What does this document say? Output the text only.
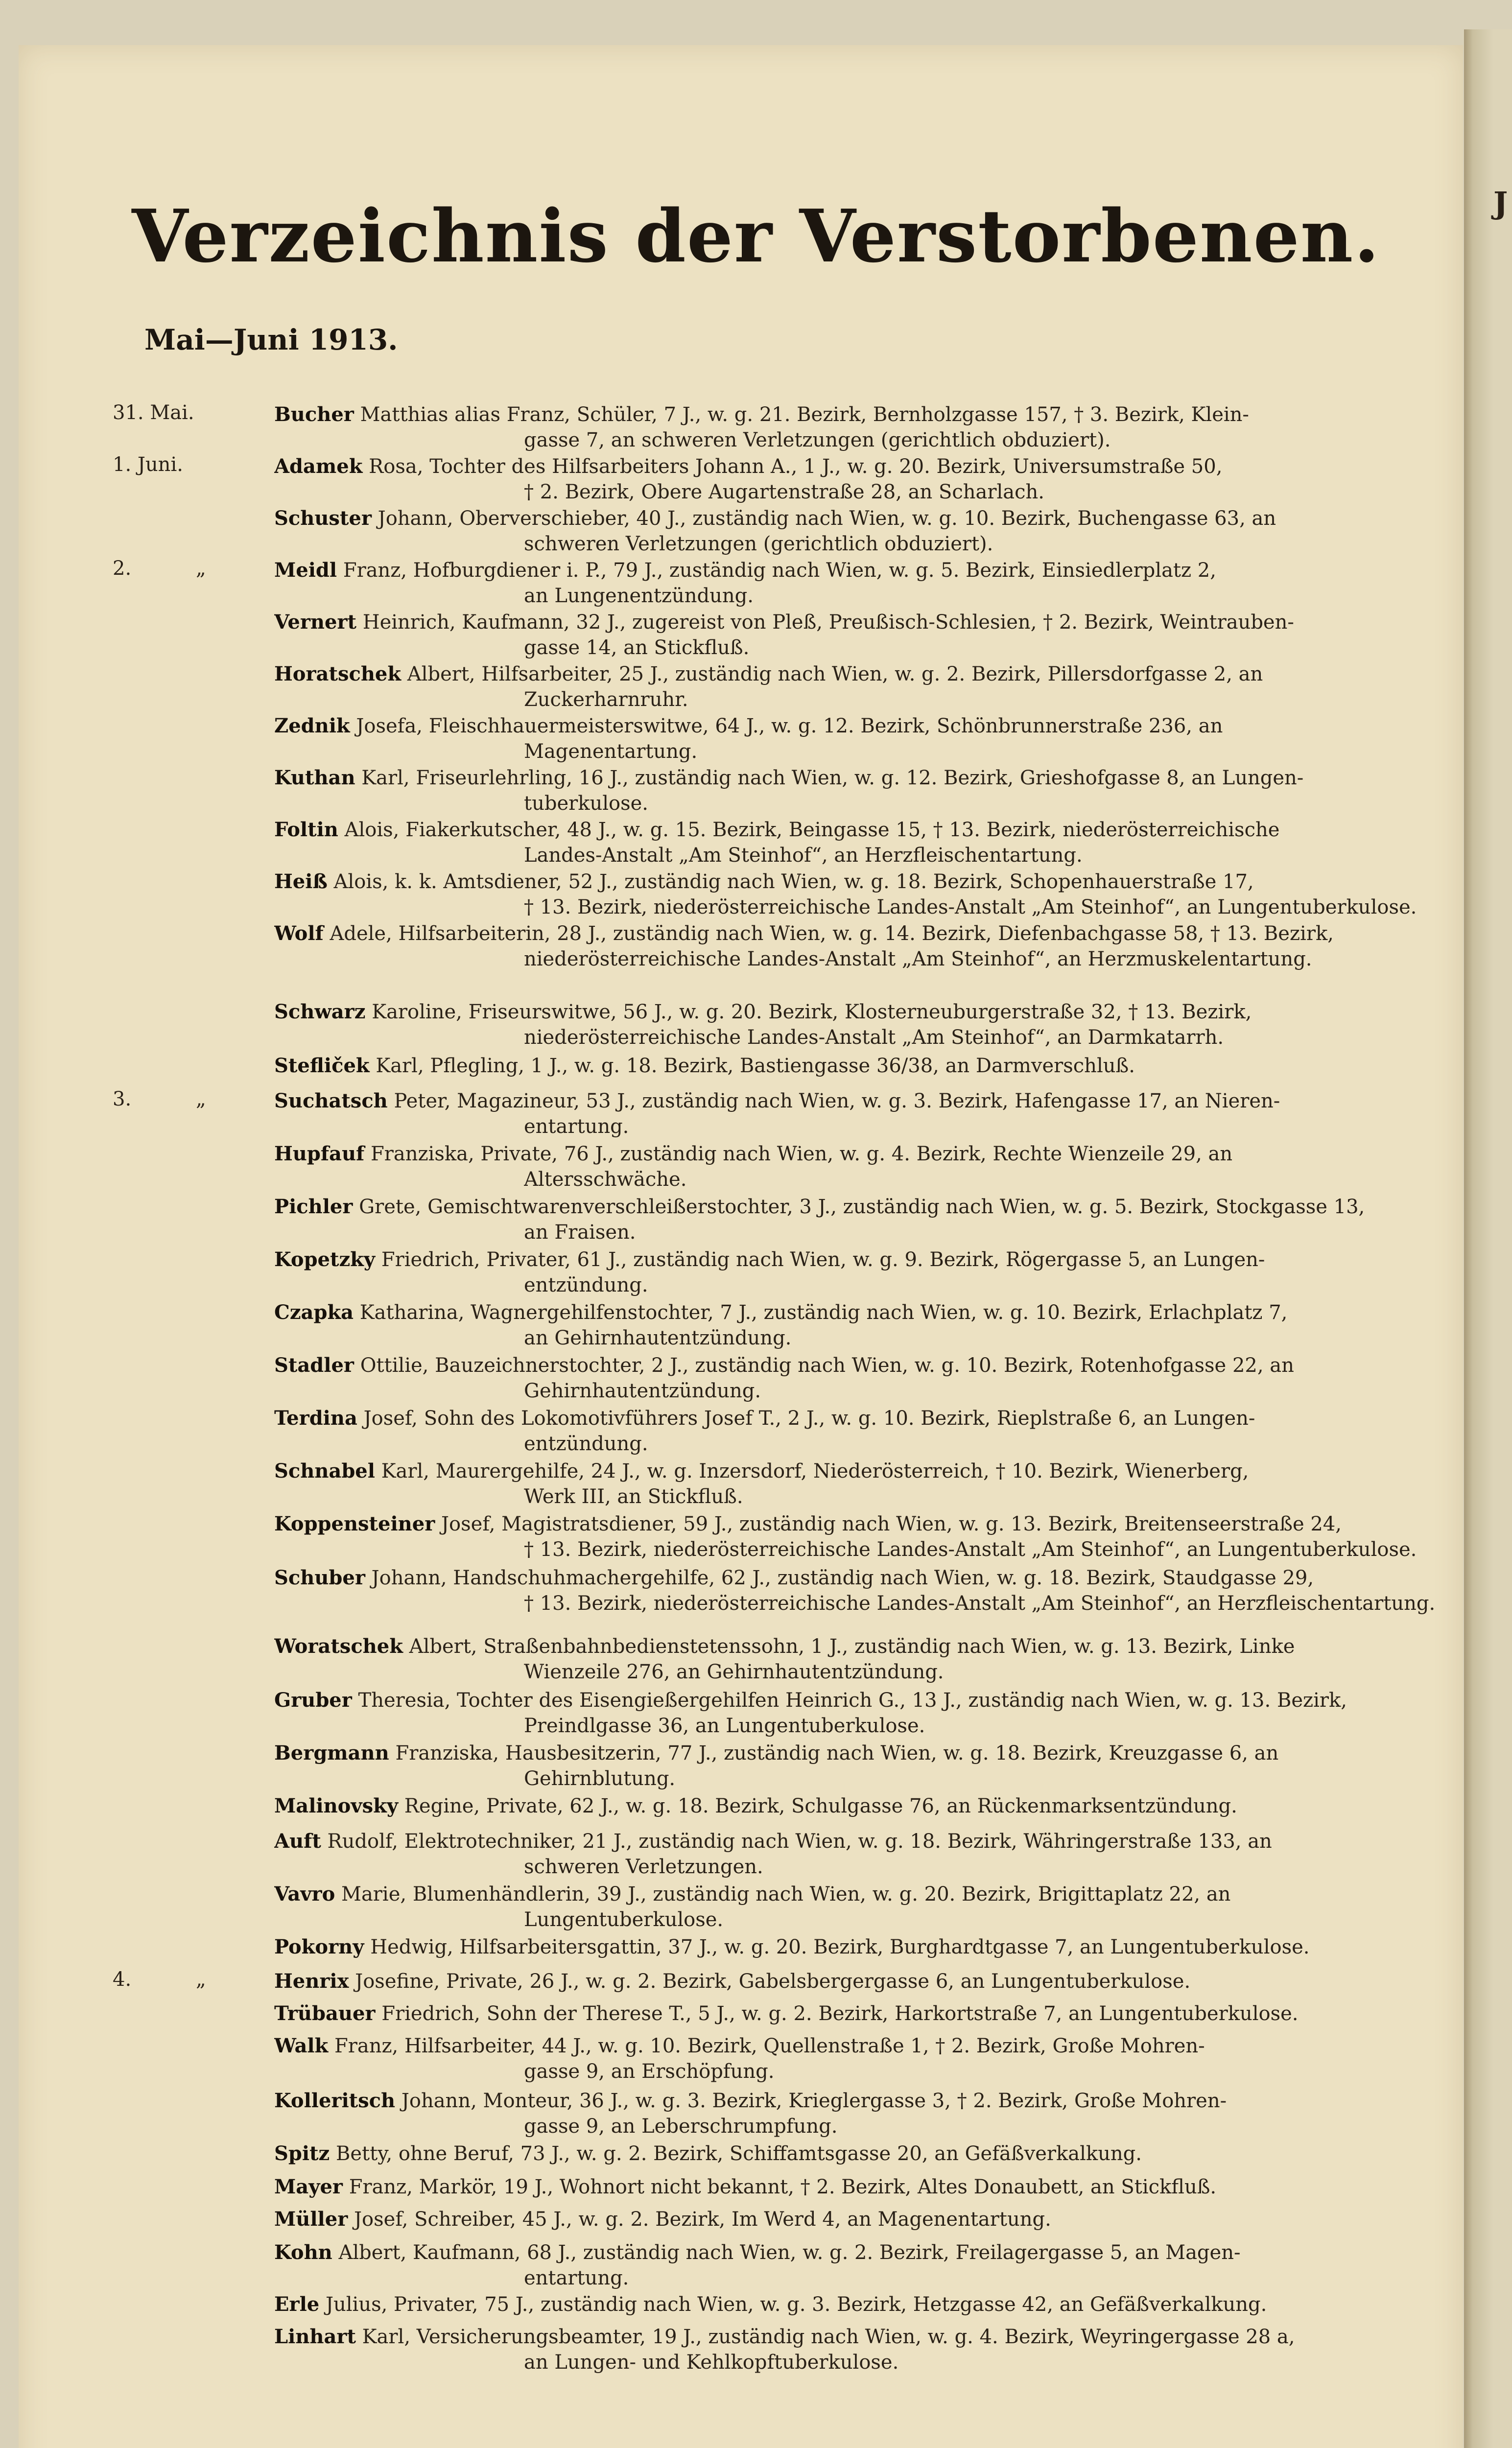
J
Verzeichnis der Verstorbenen.
Mai—Juni 1913.
31. Mai.	Bucher Matthias alias Franz, Schüler, 7 J., w. g. 21. Bezirk, Bernholzgasse 157, † 3. Bezirk, Klein-
gasse 7, an schweren Verletzungen (gerichtlich obduziert).
1. Juni.	Adamek Rosa, Tochter des Hilfsarbeiters Johann A., 1 J., w. g. 20. Bezirk, Universumstraße 50,
† 2. Bezirk, Obere Augartenstraße 28, an Scharlach.
Schuster Johann, Oberverschieber, 40 J., zuständig nach Wien, w. g. 10. Bezirk, Buchengasse 63, an
schweren Verletzungen (gerichtlich obduziert).
2.	„	Meidl Franz, Hofburgdiener i. P., 79 J., zuständig nach Wien, w. g. 5. Bezirk, Einsiedlerplatz 2,
an Lungenentzündung.
Vernert Heinrich, Kaufmann, 32 J., zugereist von Pleß, Preußisch-Schlesien, † 2. Bezirk, Weintrauben-
gasse 14, an Stickfluß.
Horatschek Albert, Hilfsarbeiter, 25 J., zuständig nach Wien, w. g. 2. Bezirk, Pillersdorfgasse 2, an
Zuckerharnruhr.
Zednik Josefa, Fleischhauermeisterswitwe, 64 J., w. g. 12. Bezirk, Schönbrunnerstraße 236, an
Magenentartung.
Kuthan Karl, Friseurlehrling, 16 J., zuständig nach Wien, w. g. 12. Bezirk, Grieshofgasse 8, an Lungen-
tuberkulose.
Foltin Alois, Fiakerkutscher, 48 J., w. g. 15. Bezirk, Beingasse 15, † 13. Bezirk, niederösterreichische
Landes-Anstalt „Am Steinhof“, an Herzfleischentartung.
Heiß Alois, k. k. Amtsdiener, 52 J., zuständig nach Wien, w. g. 18. Bezirk, Schopenhauerstraße 17,
† 13. Bezirk, niederösterreichische Landes-Anstalt „Am Steinhof“, an Lungentuberkulose.
Wolf Adele, Hilfsarbeiterin, 28 J., zuständig nach Wien, w. g. 14. Bezirk, Diefenbachgasse 58, † 13. Bezirk,
niederösterreichische Landes-Anstalt „Am Steinhof“, an Herzmuskelentartung.
Schwarz Karoline, Friseurswitwe, 56 J., w. g. 20. Bezirk, Klosterneuburgerstraße 32, † 13. Bezirk,
niederösterreichische Landes-Anstalt „Am Steinhof“, an Darmkatarrh.
Stefliček Karl, Pflegling, 1 J., w. g. 18. Bezirk, Bastiengasse 36/38, an Darmverschluß.
3.	„	Suchatsch Peter, Magazineur, 53 J., zuständig nach Wien, w. g. 3. Bezirk, Hafengasse 17, an Nieren-
entartung.
Hupfauf Franziska, Private, 76 J., zuständig nach Wien, w. g. 4. Bezirk, Rechte Wienzeile 29, an
Altersschwäche.
Pichler Grete, Gemischtwarenverschleißerstochter, 3 J., zuständig nach Wien, w. g. 5. Bezirk, Stockgasse 13,
an Fraisen.
Kopetzky Friedrich, Privater, 61 J., zuständig nach Wien, w. g. 9. Bezirk, Rögergasse 5, an Lungen-
entzündung.
Czapka Katharina, Wagnergehilfenstochter, 7 J., zuständig nach Wien, w. g. 10. Bezirk, Erlachplatz 7,
an Gehirnhautentzündung.
Stadler Ottilie, Bauzeichnerstochter, 2 J., zuständig nach Wien, w. g. 10. Bezirk, Rotenhofgasse 22, an
Gehirnhautentzündung.
Terdina Josef, Sohn des Lokomotivführers Josef T., 2 J., w. g. 10. Bezirk, Rieplstraße 6, an Lungen-
entzündung.
Schnabel Karl, Maurergehilfe, 24 J., w. g. Inzersdorf, Niederösterreich, † 10. Bezirk, Wienerberg,
Werk III, an Stickfluß.
Koppensteiner Josef, Magistratsdiener, 59 J., zuständig nach Wien, w. g. 13. Bezirk, Breitenseerstraße 24,
† 13. Bezirk, niederösterreichische Landes-Anstalt „Am Steinhof“, an Lungentuberkulose.
Schuber Johann, Handschuhmachergehilfe, 62 J., zuständig nach Wien, w. g. 18. Bezirk, Staudgasse 29,
† 13. Bezirk, niederösterreichische Landes-Anstalt „Am Steinhof“, an Herzfleischentartung.
Woratschek Albert, Straßenbahnbedienstetenssohn, 1 J., zuständig nach Wien, w. g. 13. Bezirk, Linke
Wienzeile 276, an Gehirnhautentzündung.
Gruber Theresia, Tochter des Eisengießergehilfen Heinrich G., 13 J., zuständig nach Wien, w. g. 13. Bezirk,
Preindlgasse 36, an Lungentuberkulose.
Bergmann Franziska, Hausbesitzerin, 77 J., zuständig nach Wien, w. g. 18. Bezirk, Kreuzgasse 6, an
Gehirnblutung.
Malinovsky Regine, Private, 62 J., w. g. 18. Bezirk, Schulgasse 76, an Rückenmarksentzündung.
Auft Rudolf, Elektrotechniker, 21 J., zuständig nach Wien, w. g. 18. Bezirk, Währingerstraße 133, an
schweren Verletzungen.
Vavro Marie, Blumenhändlerin, 39 J., zuständig nach Wien, w. g. 20. Bezirk, Brigittaplatz 22, an
Lungentuberkulose.
Pokorny Hedwig, Hilfsarbeitersgattin, 37 J., w. g. 20. Bezirk, Burghardtgasse 7, an Lungentuberkulose.
4.	„	Henrix Josefine, Private, 26 J., w. g. 2. Bezirk, Gabelsbergergasse 6, an Lungentuberkulose.
Trübauer Friedrich, Sohn der Therese T., 5 J., w. g. 2. Bezirk, Harkortstraße 7, an Lungentuberkulose.
Walk Franz, Hilfsarbeiter, 44 J., w. g. 10. Bezirk, Quellenstraße 1, † 2. Bezirk, Große Mohren-
gasse 9, an Erschöpfung.
Kolleritsch Johann, Monteur, 36 J., w. g. 3. Bezirk, Krieglergasse 3, † 2. Bezirk, Große Mohren-
gasse 9, an Leberschrumpfung.
Spitz Betty, ohne Beruf, 73 J., w. g. 2. Bezirk, Schiffamtsgasse 20, an Gefäßverkalkung.
Mayer Franz, Markör, 19 J., Wohnort nicht bekannt, † 2. Bezirk, Altes Donaubett, an Stickfluß.
Müller Josef, Schreiber, 45 J., w. g. 2. Bezirk, Im Werd 4, an Magenentartung.
Kohn Albert, Kaufmann, 68 J., zuständig nach Wien, w. g. 2. Bezirk, Freilagergasse 5, an Magen-
entartung.
Erle Julius, Privater, 75 J., zuständig nach Wien, w. g. 3. Bezirk, Hetzgasse 42, an Gefäßverkalkung.
Linhart Karl, Versicherungsbeamter, 19 J., zuständig nach Wien, w. g. 4. Bezirk, Weyringergasse 28 a,
an Lungen- und Kehlkopftuberkulose.
